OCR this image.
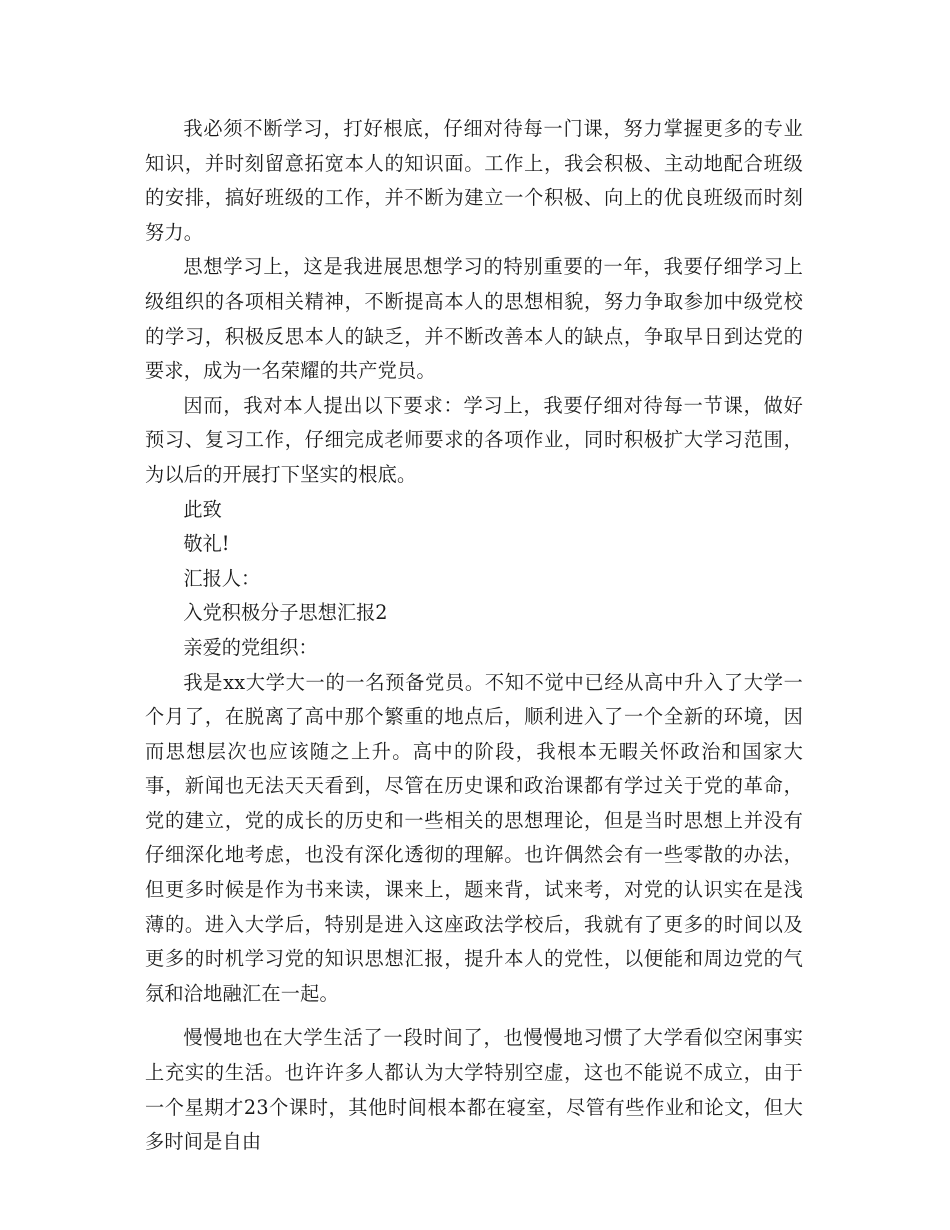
我必须不断学习，打好根底，仔细对待每一门课，努力掌握更多的专业知识，并时刻留意拓宽本人的知识面。工作上，我会积极、主动地配合班级的安排，搞好班级的工作，并不断为建立一个积极、向上的优良班级而时刻努力。

思想学习上，这是我进展思想学习的特别重要的一年，我要仔细学习上级组织的各项相关精神，不断提高本人的思想相貌，努力争取参加中级党校的学习，积极反思本人的缺乏，并不断改善本人的缺点，争取早日到达党的要求，成为一名荣耀的共产党员。

因而，我对本人提出以下要求：学习上，我要仔细对待每一节课，做好预习、复习工作，仔细完成老师要求的各项作业，同时积极扩大学习范围，为以后的开展打下坚实的根底。

此致

敬礼!

汇报人：

入党积极分子思想汇报2

亲爱的党组织：

我是xx大学大一的一名预备党员。不知不觉中已经从高中升入了大学一个月了，在脱离了高中那个繁重的地点后，顺利进入了一个全新的环境，因而思想层次也应该随之上升。高中的阶段，我根本无暇关怀政治和国家大事，新闻也无法天天看到，尽管在历史课和政治课都有学过关于党的革命，党的建立，党的成长的历史和一些相关的思想理论，但是当时思想上并没有仔细深化地考虑，也没有深化透彻的理解。也许偶然会有一些零散的办法，但更多时候是作为书来读，课来上，题来背，试来考，对党的认识实在是浅薄的。进入大学后，特别是进入这座政法学校后，我就有了更多的时间以及更多的时机学习党的知识思想汇报，提升本人的党性，以便能和周边党的气氛和洽地融汇在一起。

慢慢地也在大学生活了一段时间了，也慢慢地习惯了大学看似空闲事实上充实的生活。也许许多人都认为大学特别空虚，这也不能说不成立，由于一个星期才23个课时，其他时间根本都在寝室，尽管有些作业和论文，但大多时间是自由
